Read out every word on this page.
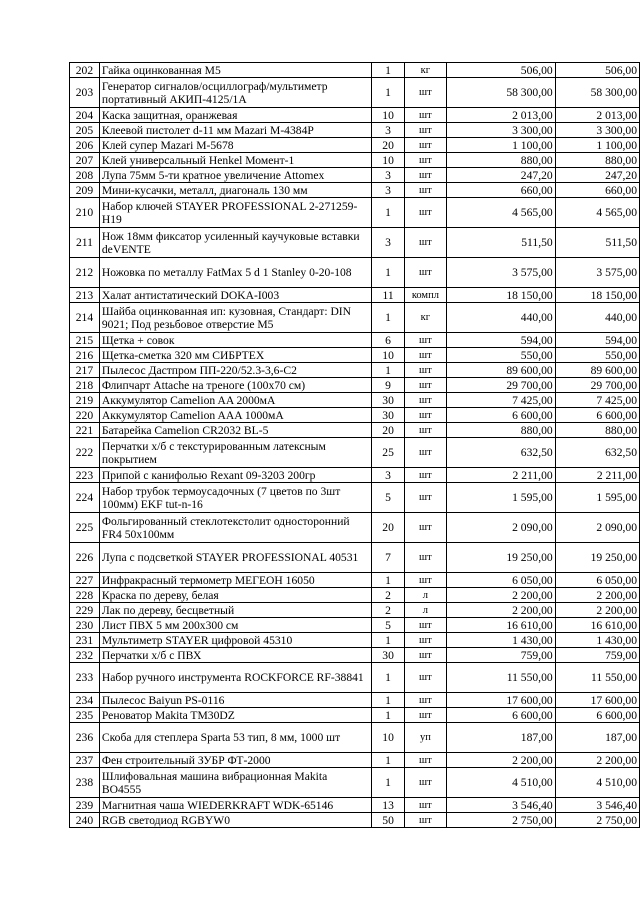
202	Гайка оцинкованная М5	1	кг	506,00	506,00
203	Генератор сигналов/осциллограф/мультиметр портативный АКИП-4125/1А	1	шт	58 300,00	58 300,00
204	Каска защитная, оранжевая	10	шт	2 013,00	2 013,00
205	Клеевой пистолет d-11 мм Mazari M-4384P	3	шт	3 300,00	3 300,00
206	Клей супер Mazari M-5678	20	шт	1 100,00	1 100,00
207	Клей универсальный Henkel Момент-1	10	шт	880,00	880,00
208	Лупа 75мм 5-ти кратное увеличение Attomex	3	шт	247,20	247,20
209	Мини-кусачки, металл, диагональ 130 мм	3	шт	660,00	660,00
210	Набор ключей STAYER PROFESSIONAL 2-271259-H19	1	шт	4 565,00	4 565,00
211	Нож 18мм фиксатор усиленный каучуковые вставки deVENTE	3	шт	511,50	511,50
212	Ножовка по металлу FatMax 5 d 1 Stanley 0-20-108	1	шт	3 575,00	3 575,00
213	Халат антистатический DOKA-I003	11	компл	18 150,00	18 150,00
214	Шайба оцинкованная ип: кузовная, Стандарт: DIN 9021; Под резьбовое отверстие M5	1	кг	440,00	440,00
215	Щетка + совок	6	шт	594,00	594,00
216	Щетка-сметка 320 мм СИБРТЕХ	10	шт	550,00	550,00
217	Пылесос Дастпром ПП-220/52.3-3,6-С2	1	шт	89 600,00	89 600,00
218	Флипчарт Attache на треноге (100х70 см)	9	шт	29 700,00	29 700,00
219	Аккумулятор Camelion AA 2000мА	30	шт	7 425,00	7 425,00
220	Аккумулятор Camelion AAA 1000мА	30	шт	6 600,00	6 600,00
221	Батарейка Camelion CR2032 BL-5	20	шт	880,00	880,00
222	Перчатки х/б с текстурированным латексным покрытием	25	шт	632,50	632,50
223	Припой с канифолью Rexant 09-3203 200гр	3	шт	2 211,00	2 211,00
224	Набор трубок термоусадочных (7 цветов по 3шт 100мм) EKF tut-n-16	5	шт	1 595,00	1 595,00
225	Фольгированный стеклотекстолит односторонний FR4 50x100мм	20	шт	2 090,00	2 090,00
226	Лупа с подсветкой STAYER PROFESSIONAL 40531	7	шт	19 250,00	19 250,00
227	Инфракрасный термометр МЕГЕОН 16050	1	шт	6 050,00	6 050,00
228	Краска по дереву, белая	2	л	2 200,00	2 200,00
229	Лак по дереву, бесцветный	2	л	2 200,00	2 200,00
230	Лист ПВХ 5 мм 200х300 см	5	шт	16 610,00	16 610,00
231	Мультиметр STAYER цифровой 45310	1	шт	1 430,00	1 430,00
232	Перчатки х/б с ПВХ	30	шт	759,00	759,00
233	Набор ручного инструмента ROCKFORCE RF-38841	1	шт	11 550,00	11 550,00
234	Пылесос Baiyun PS-0116	1	шт	17 600,00	17 600,00
235	Реноватор Makita TM30DZ	1	шт	6 600,00	6 600,00
236	Скоба для степлера Sparta 53 тип, 8 мм, 1000 шт	10	уп	187,00	187,00
237	Фен строительный ЗУБР ФТ-2000	1	шт	2 200,00	2 200,00
238	Шлифовальная машина вибрационная Makita BO4555	1	шт	4 510,00	4 510,00
239	Магнитная чаша WIEDERKRAFT WDK-65146	13	шт	3 546,40	3 546,40
240	RGB светодиод RGBYW0	50	шт	2 750,00	2 750,00
